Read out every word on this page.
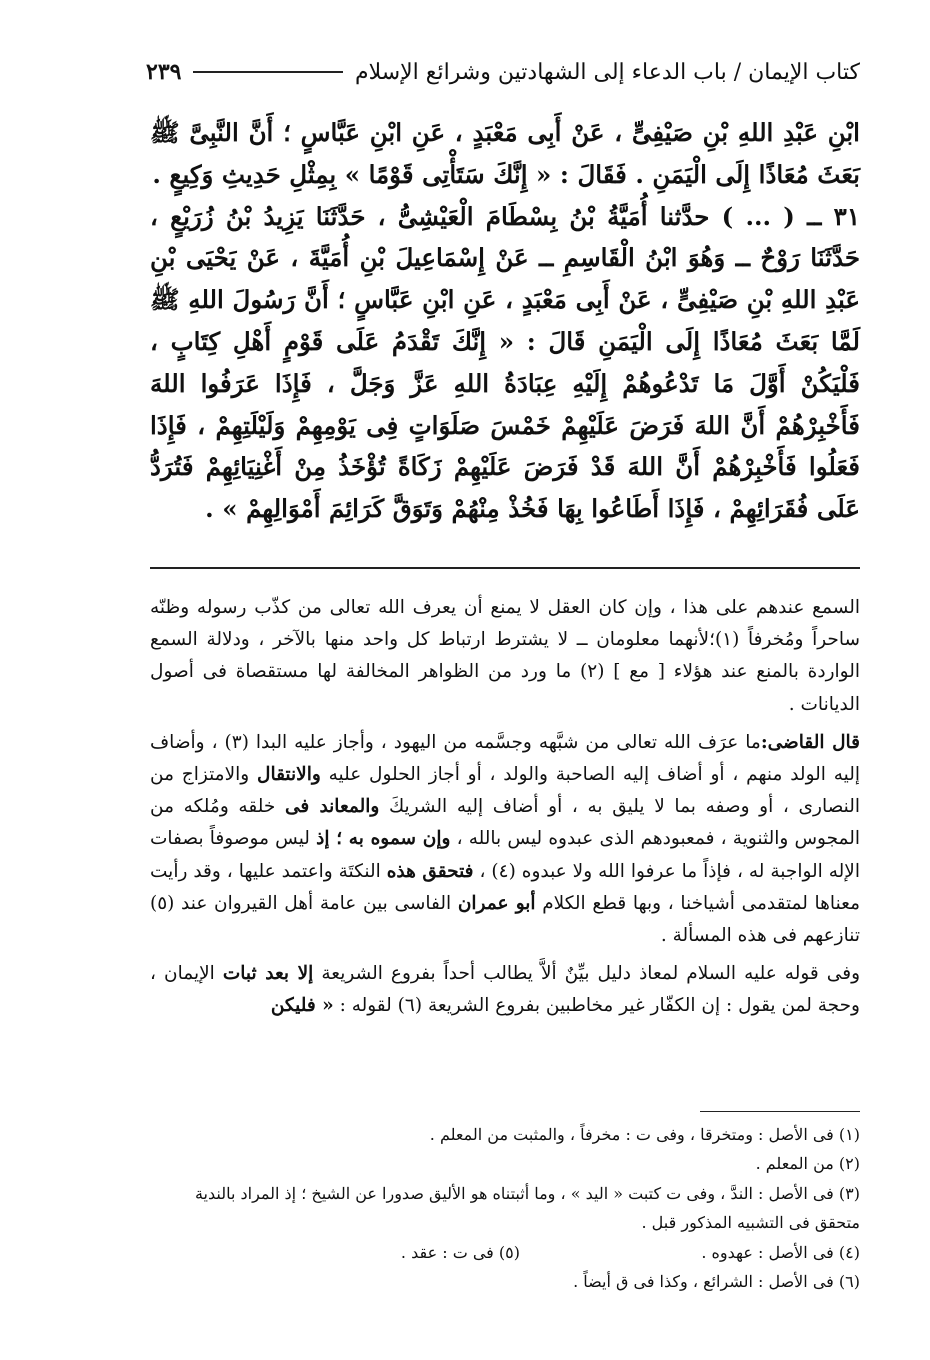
كتاب الإيمان / باب الدعاء إلى الشهادتين وشرائع الإسلام
٢٣٩

ابْنِ عَبْدِ اللهِ بْنِ صَيْفِىٍّ ، عَنْ أَبِى مَعْبَدٍ ، عَنِ ابْنِ عَبَّاسٍ ؛ أَنَّ النَّبِىَّ ﷺ بَعَثَ مُعَاذًا إِلَى الْيَمَنِ . فَقَالَ : « إِنَّكَ سَتَأْتِى قَوْمًا » بِمِثْلِ حَدِيثِ وَكِيعٍ .

٣١ ــ ( ... ) حدَّثنا أُمَيَّةُ بْنُ بِسْطَامَ الْعَيْشِىُّ ، حَدَّثَنَا يَزِيدُ بْنُ زُرَيْعٍ ، حَدَّثَنَا رَوْحٌ ــ وَهُوَ ابْنُ الْقَاسِمِ ــ عَنْ إِسْمَاعِيلَ بْنِ أُمَيَّةَ ، عَنْ يَحْيَى بْنِ عَبْدِ اللهِ بْنِ صَيْفِىٍّ ، عَنْ أَبِى مَعْبَدٍ ، عَنِ ابْنِ عَبَّاسٍ ؛ أَنَّ رَسُولَ اللهِ ﷺ لَمَّا بَعَثَ مُعَاذًا إِلَى الْيَمَنِ قَالَ : « إِنَّكَ تَقْدَمُ عَلَى قَوْمٍ أَهْلِ كِتَابٍ ، فَلْيَكُنْ أَوَّلَ مَا تَدْعُوهُمْ إِلَيْهِ عِبَادَةُ اللهِ عَزَّ وَجَلَّ ، فَإِذَا عَرَفُوا اللهَ فَأَخْبِرْهُمْ أَنَّ اللهَ فَرَضَ عَلَيْهِمْ خَمْسَ صَلَوَاتٍ فِى يَوْمِهِمْ وَلَيْلَتِهِمْ ، فَإِذَا فَعَلُوا فَأَخْبِرْهُمْ أَنَّ اللهَ قَدْ فَرَضَ عَلَيْهِمْ زَكَاةً تُؤْخَذُ مِنْ أَغْنِيَائِهِمْ فَتُرَدُّ عَلَى فُقَرَائِهِمْ ، فَإِذَا أَطَاعُوا بِهَا فَخُذْ مِنْهُمْ وَتَوَقَّ كَرَائِمَ أَمْوَالِهِمْ » .

السمع عندهم على هذا ، وإن كان العقل لا يمنع أن يعرف الله تعالى من كذّب رسوله وظنّه ساحراً ومُخرفاً (١)؛لأنهما معلومان ــ لا يشترط ارتباط كل واحد منها بالآخر ، ودلالة السمع الواردة بالمنع عند هؤلاء [ مع ] (٢) ما ورد من الظواهر المخالفة لها مستقصاة فى أصول الديانات .

قال القاضى:ما عرَف الله تعالى من شبَّهه وجسَّمه من اليهود ، وأجاز عليه البدا (٣) ، وأضاف إليه الولد منهم ، أو أضاف إليه الصاحبة والولد ، أو أجاز الحلول عليه والانتقال والامتزاج من النصارى ، أو وصفه بما لا يليق به ، أو أضاف إليه الشريكَ والمعاند فى خلقه ومُلكه من المجوس والثنوية ، فمعبودهم الذى عبدوه ليس بالله ، وإن سموه به ؛ إذ ليس موصوفاً بصفات الإله الواجبة له ، فإذاً ما عرفوا الله ولا عبدوه (٤) ، فتحقق هذه النكتَة واعتمد عليها ، وقد رأيت معناها لمتقدمى أشياخنا ، وبها قطع الكلام أبو عمران الفاسى بين عامة أهل القيروان عند (٥) تنازعهم فى هذه المسألة .

وفى قوله عليه السلام لمعاذ دليل بيِّنٌ ألاَّ يطالب أحداً بفروع الشريعة إلا بعد ثبات الإيمان ، وحجة لمن يقول : إن الكفّار غير مخاطبين بفروع الشريعة (٦) لقوله : « فليكن

(١) فى الأصل : ومتخرقا ، وفى ت : مخرفاً ، والمثبت من المعلم .

(٢) من المعلم .

(٣) فى الأصل : الندَّ ، وفى ت كتبت « اليد » ، وما أثبتناه هو الأليق صدورا عن الشيخ ؛ إذ المراد بالندية متحقق فى التشبيه المذكور قبل .

(٤) فى الأصل : عهدوه .
(٥) فى ت : عقد .

(٦) فى الأصل : الشرائع ، وكذا فى ق أيضاً .
